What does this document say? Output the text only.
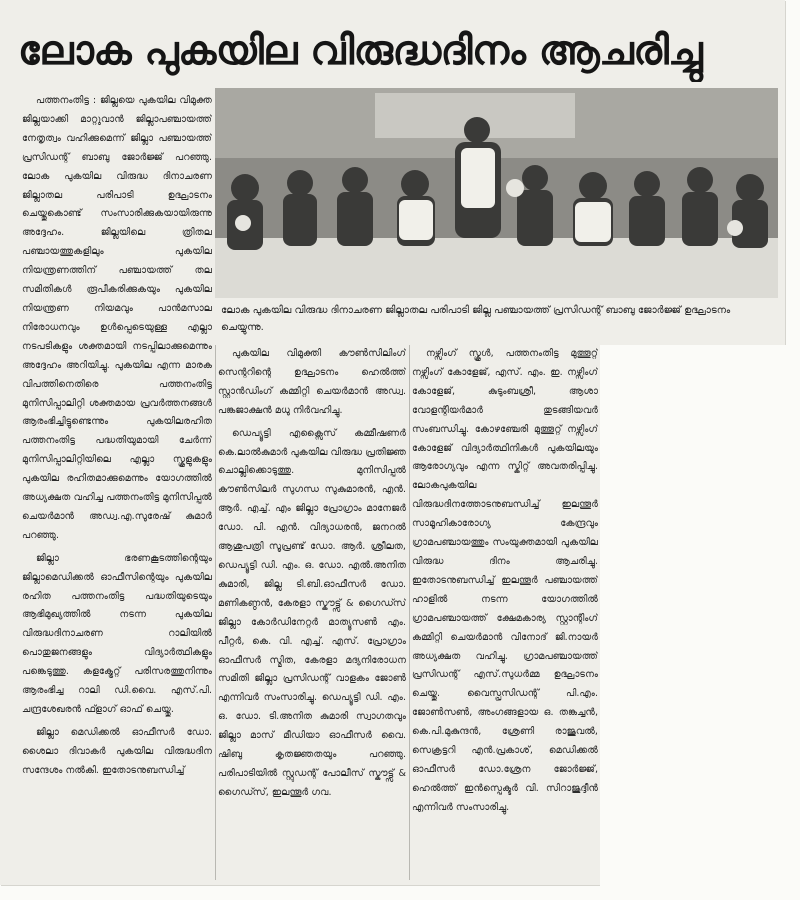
ലോക പുകയില വിരുദ്ധദിനം ആചരിച്ചു
ലോക പുകയില വിരുദ്ധ ദിനാചരണ ജില്ലാതല പരിപാടി ജില്ല പഞ്ചായത്ത് പ്രസിഡന്റ് ബാബു ജോര്‍ജ്ജ് ഉദ്ഘാടനം ചെയ്യുന്നു.

പത്തനംതിട്ട : ജില്ലയെ പുകയില വിമുക്ത ജില്ലയാക്കി മാറ്റുവാന്‍ ജില്ലാപഞ്ചായത്ത് നേതൃത്വം വഹിക്കുമെന്ന് ജില്ലാ പഞ്ചായത്ത് പ്രസിഡന്റ് ബാബു ജോര്‍ജ്ജ് പറഞ്ഞു. ലോക പുകയില വിരുദ്ധ ദിനാചരണ ജില്ലാതല പരിപാടി ഉദ്ഘാടനം ചെയ്തുകൊണ്ട് സംസാരിക്കുകയായിരുന്നു അദ്ദേഹം. ജില്ലയിലെ ത്രിതല പഞ്ചായത്തുകളിലും പുകയില നിയന്ത്രണത്തിന് പഞ്ചായത്ത് തല സമിതികള്‍ രൂപീകരിക്കുകയും പുകയില നിയന്ത്രണ നിയമവും പാന്‍മസാല നിരോധനവും ഉള്‍പ്പെടെയുള്ള എല്ലാ നടപടികളും ശക്തമായി നടപ്പിലാക്കുമെന്നും അദ്ദേഹം അറിയിച്ചു. പുകയില എന്ന മാരക വിപത്തിനെതിരെ പത്തനംതിട്ട മുനിസിപ്പാലിറ്റി ശക്തമായ പ്രവര്‍ത്തനങ്ങള്‍ ആരംഭിച്ചിട്ടുണ്ടെന്നും പുകയിലരഹിത പത്തനംതിട്ട പദ്ധതിയുമായി ചേര്‍ന്ന് മുനിസിപ്പാലിറ്റിയിലെ എല്ലാ സ്കൂളുകളും പുകയില രഹിതമാക്കുമെന്നും യോഗത്തില്‍ അധ്യക്ഷത വഹിച്ച പത്തനംതിട്ട മുനിസിപ്പല്‍ ചെയര്‍മാന്‍ അഡ്വ.എ.സുരേഷ് കുമാര്‍ പറഞ്ഞു.

ജില്ലാ ഭരണകൂടത്തിന്റെയും ജില്ലാമെഡിക്കല്‍ ഓഫീസിന്റെയും പുകയില രഹിത പത്തനംതിട്ട പദ്ധതിയുടെയും ആഭിമുഖ്യത്തില്‍ നടന്ന പുകയില വിരുദ്ധദിനാചരണ റാലിയില്‍ പൊതുജനങ്ങളും വിദ്യാര്‍ത്ഥികളും പങ്കെടുത്തു. കളക്ട്രേറ്റ് പരിസരത്തുനിന്നും ആരംഭിച്ച റാലി ഡി.വൈ. എസ്.പി. ചന്ദ്രശേഖരന്‍ ഫ്ളാഗ് ഓഫ് ചെയ്തു.

ജില്ലാ മെഡിക്കല്‍ ഓഫീസര്‍ ഡോ. ശൈലാ ദിവാകര്‍ പുകയില വിരുദ്ധദിന സന്ദേശം നല്‍കി. ഇതോടനുബന്ധിച്ച്

പുകയില വിമുക്തി കൗണ്‍സിലിംഗ് സെന്ററിന്റെ ഉദ്ഘാടനം ഹെല്‍ത്ത് സ്റ്റാന്‍ഡിംഗ് കമ്മിറ്റി ചെയര്‍മാന്‍ അഡ്വ. പങ്കജാക്ഷന്‍ മധു നിര്‍വഹിച്ചു.

ഡെപ്യൂട്ടി എക്സൈസ് കമ്മീഷണര്‍ കെ.ലാല്‍കുമാര്‍ പുകയില വിരുദ്ധ പ്രതിജ്ഞ ചൊല്ലിക്കൊടുത്തു. മുനിസിപ്പല്‍ കൗണ്‍സിലര്‍ സുഗന്ധ സുകുമാരന്‍, എന്‍. ആര്‍. എച്ച്. എം ജില്ലാ പ്രോഗ്രാം മാനേജര്‍ ഡോ. പി. എന്‍. വിദ്യാധരന്‍, ജനറല്‍ ആശുപത്രി സൂപ്രണ്ട് ഡോ. ആര്‍. ശ്രീലത, ഡെപ്യൂട്ടി ഡി. എം. ഒ. ഡോ. എല്‍.അനിത കുമാരി, ജില്ല ടി.ബി.ഓഫീസര്‍ ഡോ. മണികണ്ഠന്‍, കേരളാ സ്കൗട്ട്സ് & ഗൈഡ്സ് ജില്ലാ കോര്‍ഡിനേറ്റര്‍ മാത്യൂസണ്‍ എം. പീറ്റര്‍, കെ. വി. എച്ച്. എസ്. പ്രോഗ്രാം ഓഫീസര്‍ സ്മിത, കേരളാ മദ്യനിരോധന സമിതി ജില്ലാ പ്രസിഡന്റ് വാളകം ജോണ്‍ എന്നിവര്‍ സംസാരിച്ചു. ഡെപ്യൂട്ടി ഡി. എം. ഒ. ഡോ. ടി.അനിത കുമാരി സ്വാഗതവും ജില്ലാ മാസ് മീഡിയാ ഓഫീസര്‍ വൈ. ഷിബു കൃതജ്ഞതയും പറഞ്ഞു. പരിപാടിയില്‍ സ്റ്റുഡന്റ് പോലീസ് സ്കൗട്ട്സ് & ഗൈഡ്സ്, ഇലന്തൂര്‍ ഗവ.

നഴ്സിംഗ് സ്കൂള്‍, പത്തനംതിട്ട മുത്തൂറ്റ് നഴ്സിംഗ് കോളേജ്, എസ്. എം. ഇ. നഴ്സിംഗ് കോളേജ്, കുടുംബശ്രീ, ആശാ വോളന്റിയര്‍മാര്‍ തുടങ്ങിയവര്‍ സംബന്ധിച്ചു. കോഴഞ്ചേരി മുത്തൂറ്റ് നഴ്സിംഗ് കോളേജ് വിദ്യാര്‍ത്ഥിനികള്‍ പുകയിലയും ആരോഗ്യവും എന്ന സ്കിറ്റ് അവതരിപ്പിച്ചു. ലോകപുകയില വിരുദ്ധദിനത്തോടനുബന്ധിച്ച് ഇലന്തൂര്‍ സാമൂഹികാരോഗ്യ കേന്ദ്രവും ഗ്രാമപഞ്ചായത്തും സംയുക്തമായി പുകയില വിരുദ്ധ ദിനം ആചരിച്ചു. ഇതോടനുബന്ധിച്ച് ഇലന്തൂര്‍ പഞ്ചായത്ത് ഹാളില്‍ നടന്ന യോഗത്തില്‍ ഗ്രാമപഞ്ചായത്ത് ക്ഷേമകാര്യ സ്റ്റാന്റിംഗ് കമ്മിറ്റി ചെയര്‍മാന്‍ വിനോദ് ജി.നായര്‍ അധ്യക്ഷത വഹിച്ചു. ഗ്രാമപഞ്ചായത്ത് പ്രസിഡന്റ് എസ്.സുധര്‍മ്മ ഉദ്ഘാടനം ചെയ്തു. വൈസ്പ്രസിഡന്റ് പി.എം. ജോണ്‍സണ്‍, അംഗങ്ങളായ ഒ. തങ്കച്ചന്‍, കെ.പി.മുകുന്ദന്‍, ശ്രേണി രാജുവല്‍, സെക്രട്ടറി എന്‍.പ്രകാശ്, മെഡിക്കല്‍ ഓഫീസര്‍ ഡോ.ശ്രേന ജോര്‍ജ്ജ്, ഹെല്‍ത്ത് ഇന്‍സ്പെക്ടര്‍ വി. സിറാജുദ്ദീന്‍ എന്നിവര്‍ സംസാരിച്ചു.
